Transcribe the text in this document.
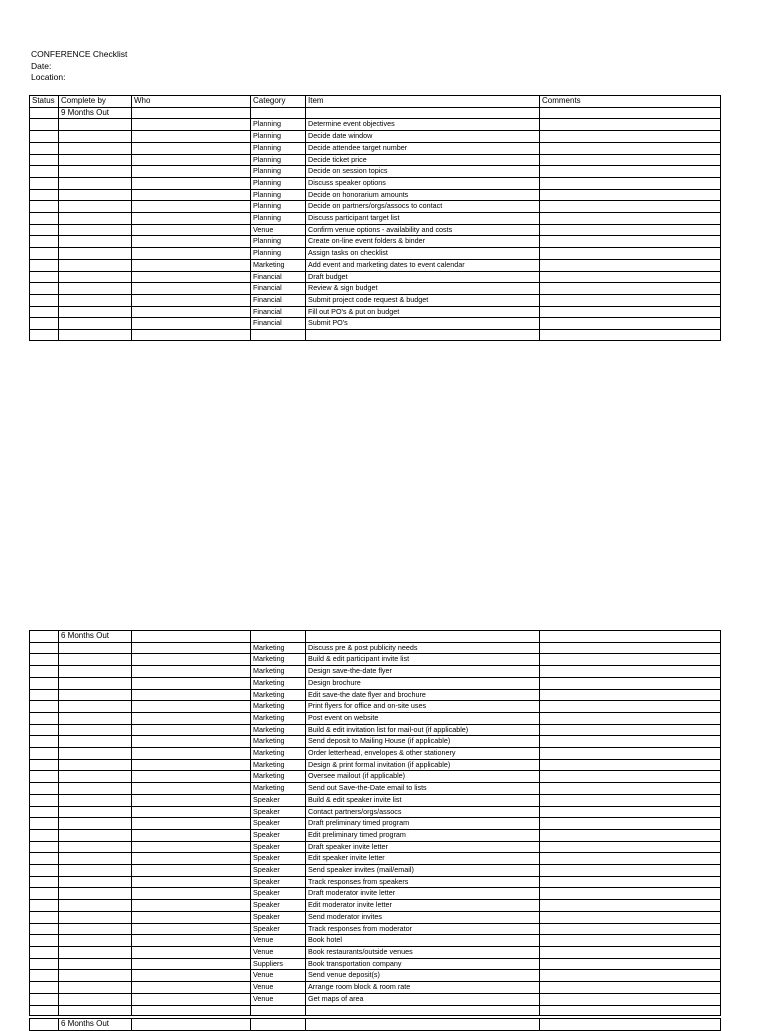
CONFERENCE Checklist
Date:
Location:
Status	Complete by	Who	Category	Item	Comments
	9 Months Out				
			Planning	Determine event objectives	
			Planning	Decide date window	
			Planning	Decide attendee target number	
			Planning	Decide ticket price	
			Planning	Decide on session topics	
			Planning	Discuss speaker options	
			Planning	Decide on honorarium amounts	
			Planning	Decide on partners/orgs/assocs to contact	
			Planning	Discuss participant target list	
			Venue	Confirm venue options - availability and costs	
			Planning	Create on-line event folders & binder	
			Planning	Assign tasks on checklist	
			Marketing	Add event and marketing dates to event calendar	
			Financial	Draft budget	
			Financial	Review & sign budget	
			Financial	Submit project code request & budget	
			Financial	Fill out PO's & put on budget	
			Financial	Submit PO's	

	6 Months Out				
			Marketing	Discuss pre & post publicity needs	
			Marketing	Build & edit participant invite list	
			Marketing	Design save-the-date flyer	
			Marketing	Design brochure	
			Marketing	Edit save-the date flyer and brochure	
			Marketing	Print flyers for office and on-site uses	
			Marketing	Post event on website	
			Marketing	Build & edit invitation list for mail-out (if applicable)	
			Marketing	Send deposit to Mailing House (if applicable)	
			Marketing	Order letterhead, envelopes & other stationery	
			Marketing	Design & print formal invitation (if applicable)	
			Marketing	Oversee mailout (if applicable)	
			Marketing	Send out Save-the-Date email to lists	
			Speaker	Build & edit speaker invite list	
			Speaker	Contact partners/orgs/assocs	
			Speaker	Draft preliminary timed program	
			Speaker	Edit preliminary timed program	
			Speaker	Draft speaker invite letter	
			Speaker	Edit speaker invite letter	
			Speaker	Send speaker invites (mail/email)	
			Speaker	Track responses from speakers	
			Speaker	Draft moderator invite letter	
			Speaker	Edit moderator invite letter	
			Speaker	Send moderator invites	
			Speaker	Track responses from moderator	
			Venue	Book hotel	
			Venue	Book restaurants/outside venues	
			Suppliers	Book transportation company	
			Venue	Send venue deposit(s)	
			Venue	Arrange room block & room rate	
			Venue	Get maps of area	

	6 Months Out				
